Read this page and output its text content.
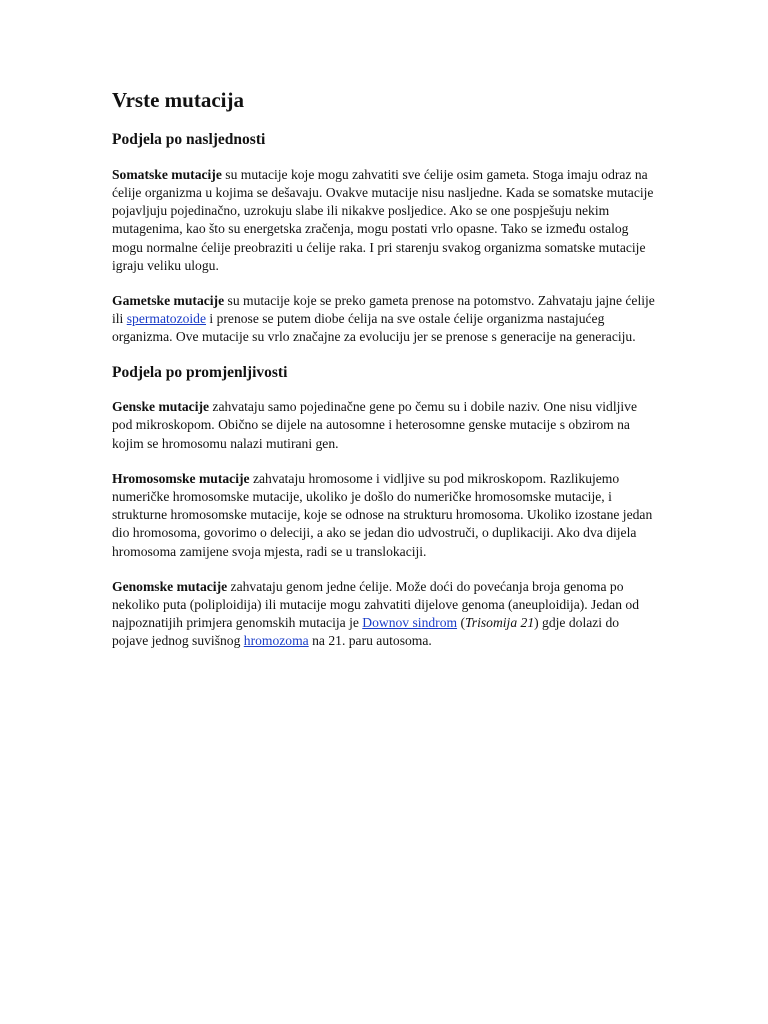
Vrste mutacija
Podjela po nasljednosti

Somatske mutacije su mutacije koje mogu zahvatiti sve ćelije osim gameta. Stoga imaju odraz na ćelije organizma u kojima se dešavaju. Ovakve mutacije nisu nasljedne. Kada se somatske mutacije pojavljuju pojedinačno, uzrokuju slabe ili nikakve posljedice. Ako se one pospješuju nekim mutagenima, kao što su energetska zračenja, mogu postati vrlo opasne. Tako se između ostalog mogu normalne ćelije preobraziti u ćelije raka. I pri starenju svakog organizma somatske mutacije igraju veliku ulogu.

Gametske mutacije su mutacije koje se preko gameta prenose na potomstvo. Zahvataju jajne ćelije ili spermatozoide i prenose se putem diobe ćelija na sve ostale ćelije organizma nastajućeg organizma. Ove mutacije su vrlo značajne za evoluciju jer se prenose s generacije na generaciju.

Podjela po promjenljivosti

Genske mutacije zahvataju samo pojedinačne gene po čemu su i dobile naziv. One nisu vidljive pod mikroskopom. Obično se dijele na autosomne i heterosomne genske mutacije s obzirom na kojim se hromosomu nalazi mutirani gen.

Hromosomske mutacije zahvataju hromosome i vidljive su pod mikroskopom. Razlikujemo numeričke hromosomske mutacije, ukoliko je došlo do numeričke hromosomske mutacije, i strukturne hromosomske mutacije, koje se odnose na strukturu hromosoma. Ukoliko izostane jedan dio hromosoma, govorimo o deleciji, a ako se jedan dio udvostruči, o duplikaciji. Ako dva dijela hromosoma zamijene svoja mjesta, radi se u translokaciji.

Genomske mutacije zahvataju genom jedne ćelije. Može doći do povećanja broja genoma po nekoliko puta (poliploidija) ili mutacije mogu zahvatiti dijelove genoma (aneuploidija). Jedan od najpoznatijih primjera genomskih mutacija je Downov sindrom (Trisomija 21) gdje dolazi do pojave jednog suvišnog hromozoma na 21. paru autosoma.
